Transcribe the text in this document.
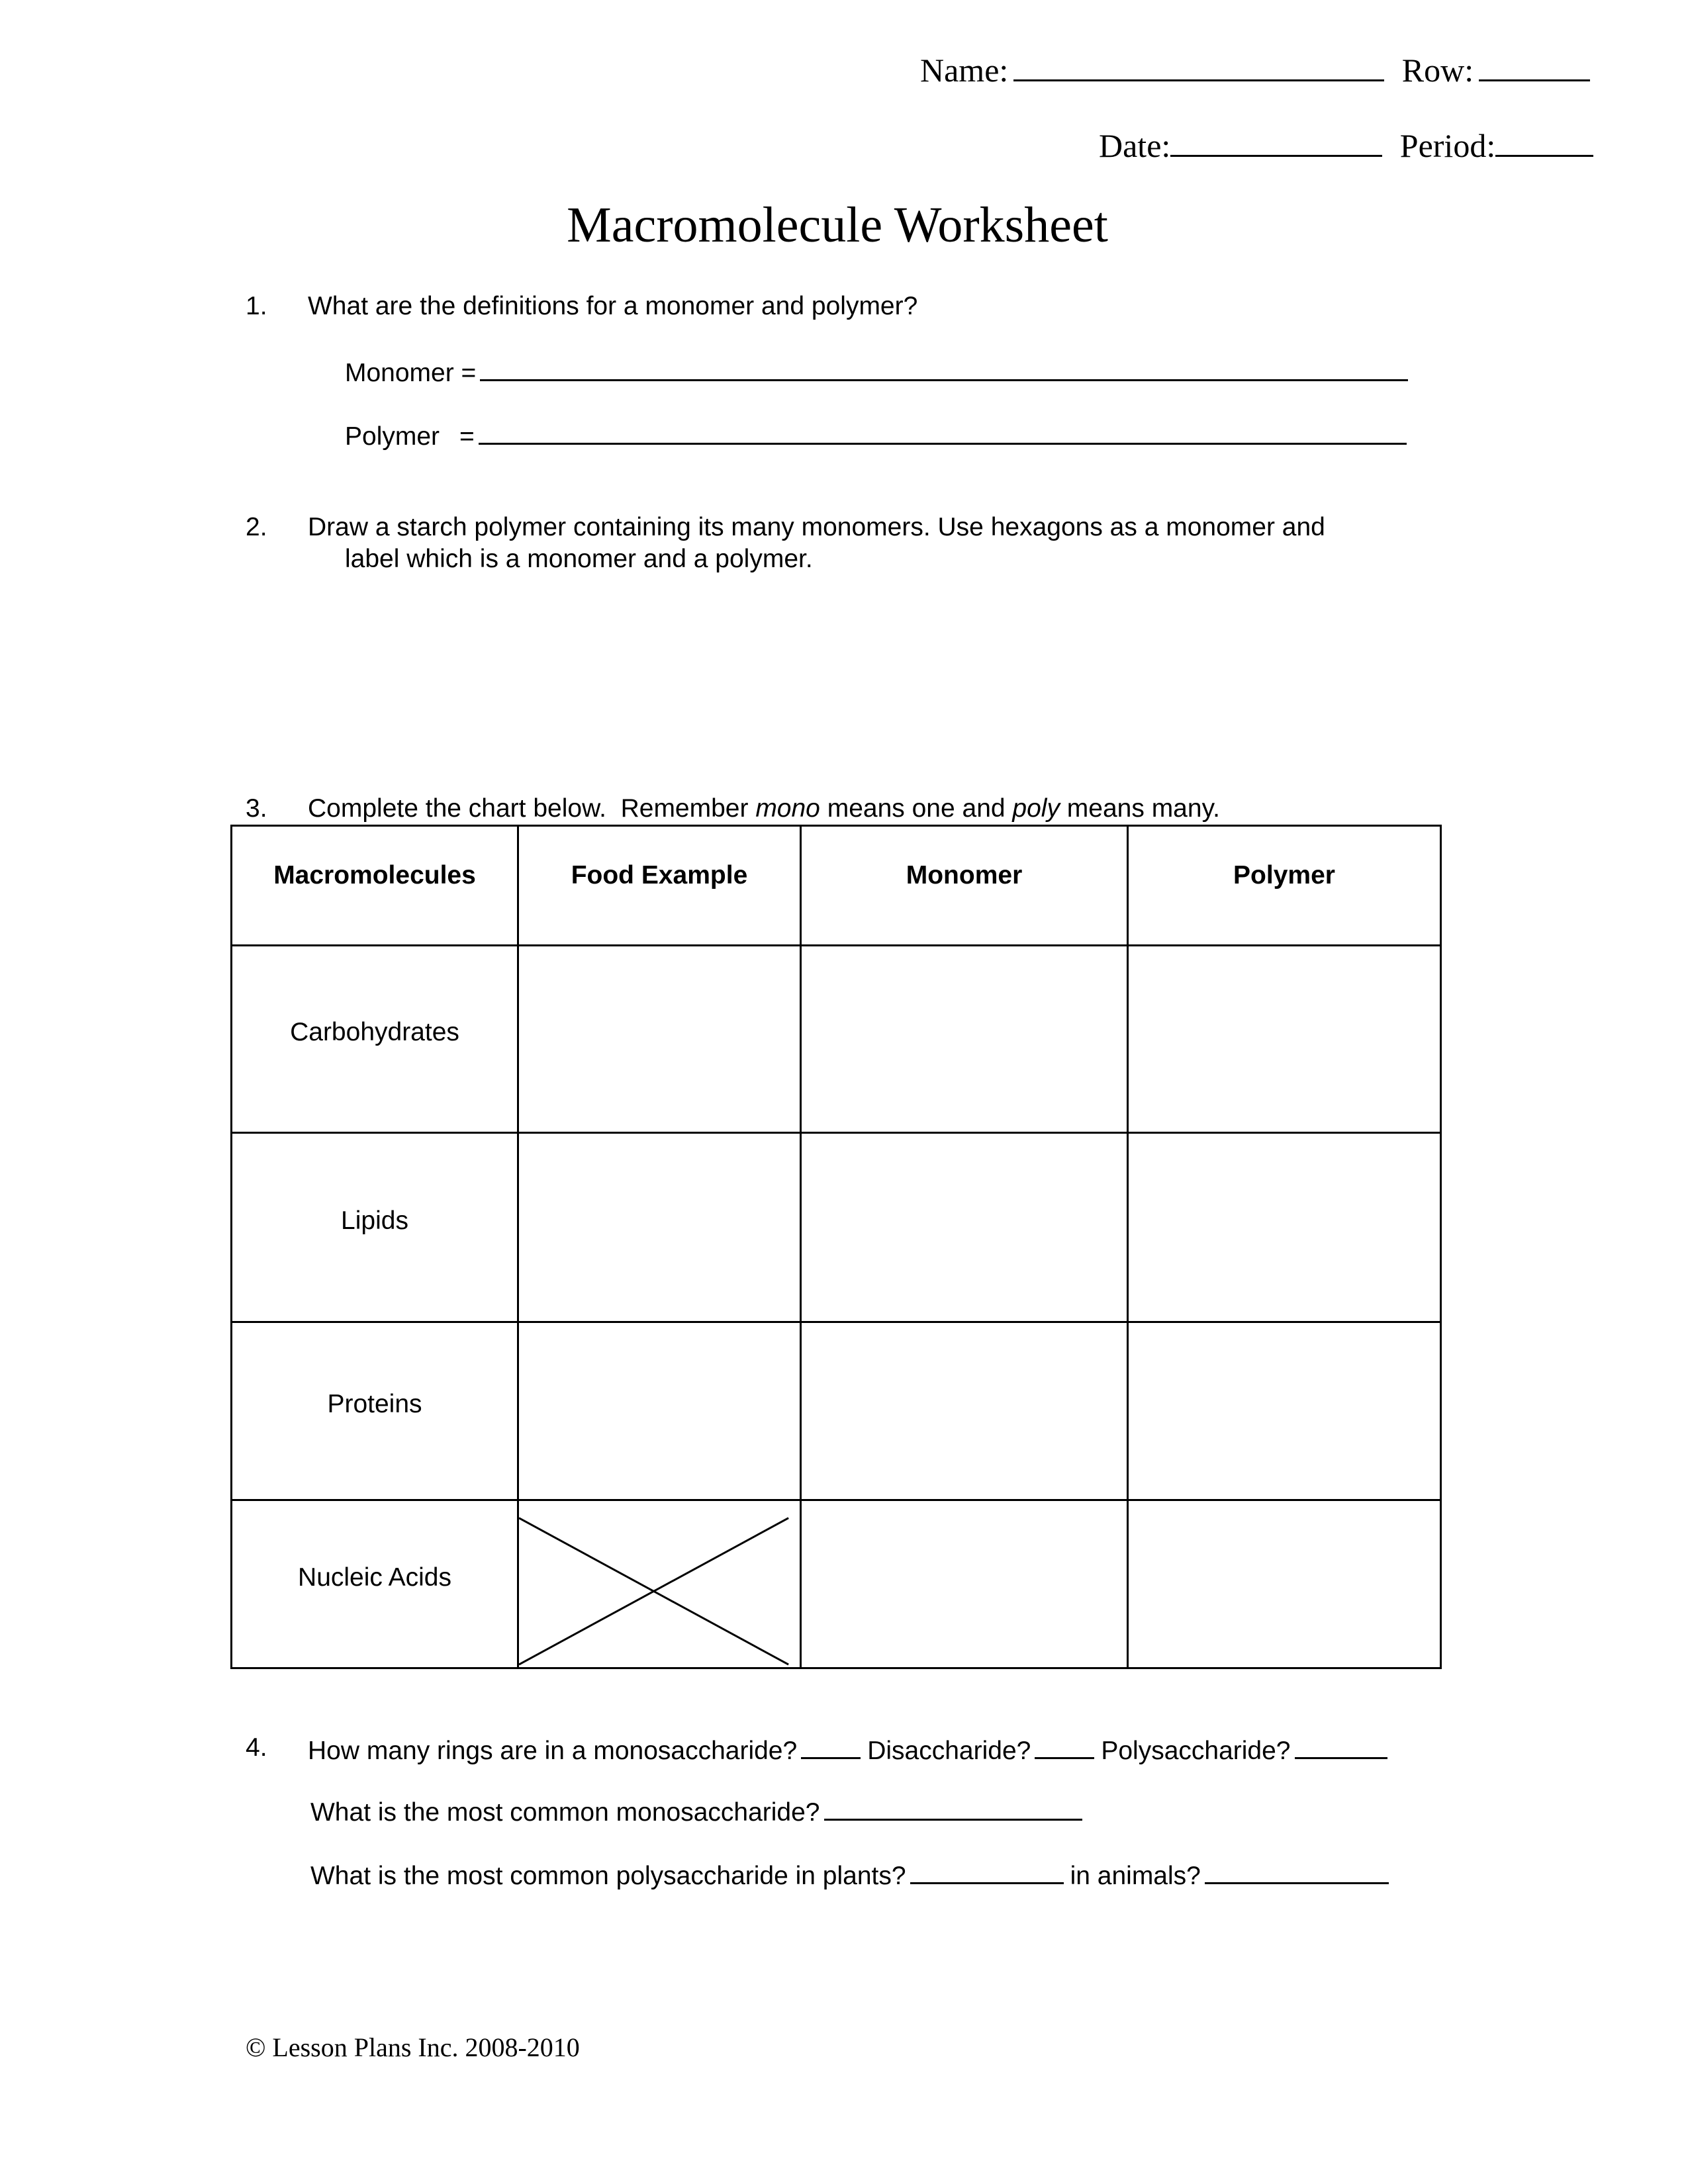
Name:	Row:
Date:	Period:
Macromolecule Worksheet
1. What are the definitions for a monomer and polymer?
Monomer =
Polymer =
2. Draw a starch polymer containing its many monomers. Use hexagons as a monomer and
label which is a monomer and a polymer.
3. Complete the chart below.  Remember mono means one and poly means many.
Macromolecules	Food Example	Monomer	Polymer
Carbohydrates			
Lipids			
Proteins			
Nucleic Acids	

4. How many rings are in a monosaccharide?	Disaccharide?	Polysaccharide?
What is the most common monosaccharide?
What is the most common polysaccharide in plants?	in animals?
© Lesson Plans Inc. 2008-2010
